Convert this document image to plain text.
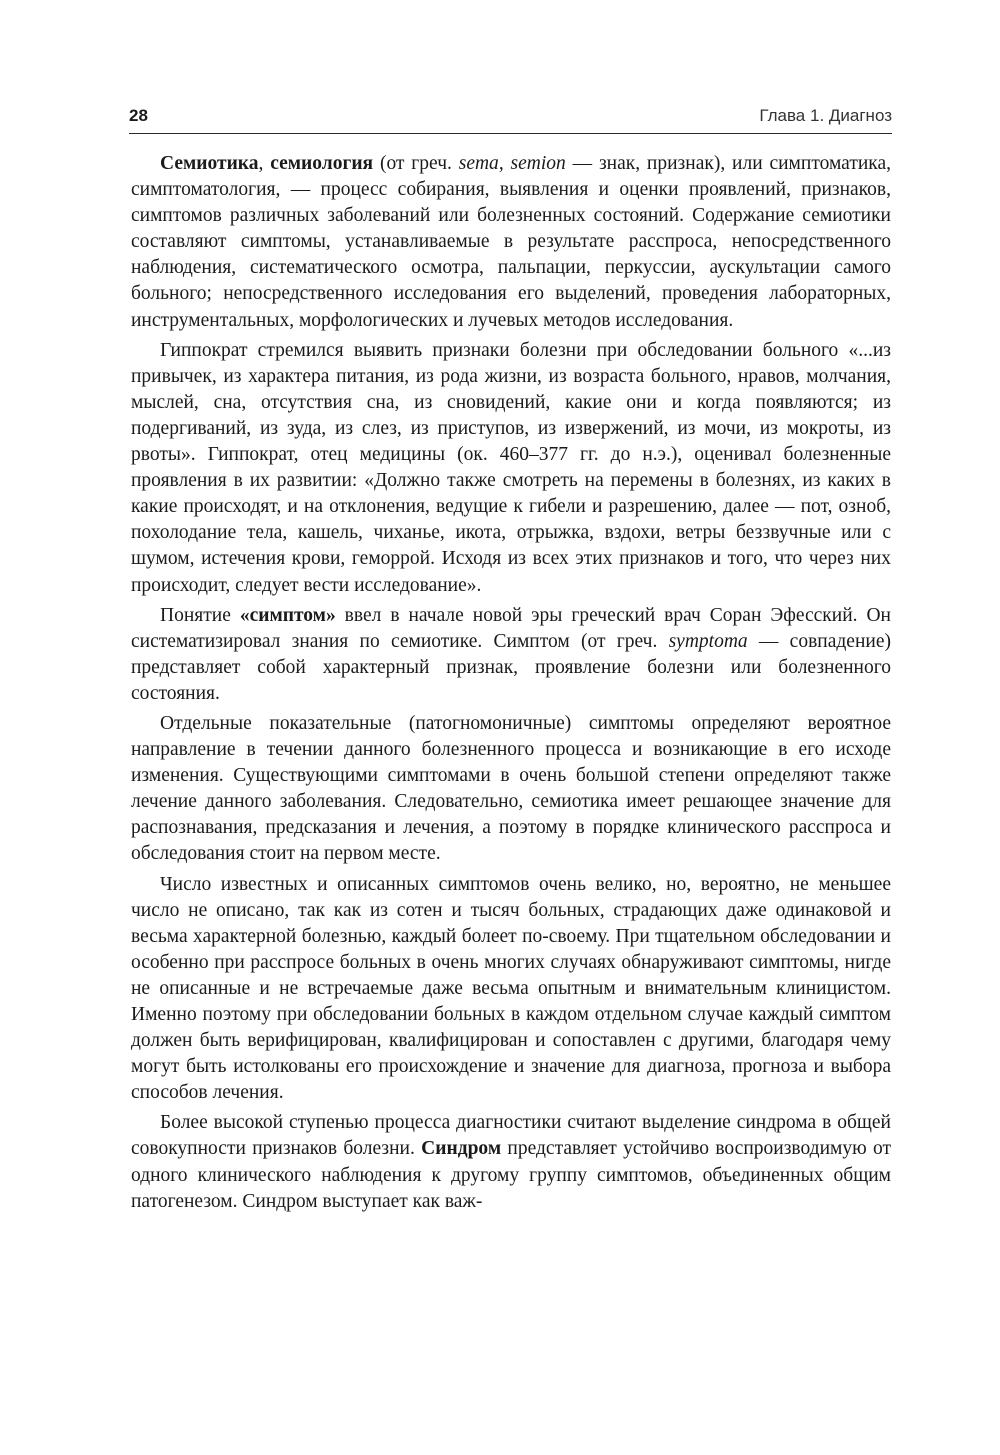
28	Глава 1. Диагноз

Семиотика, семиология (от греч. sema, semion — знак, признак), или симптоматика, симптоматология, — процесс собирания, выявления и оценки проявлений, признаков, симптомов различных заболеваний или болезненных состояний. Содержание семиотики составляют симптомы, устанавливаемые в результате расспроса, непосредственного наблюдения, систематического осмотра, пальпации, перкуссии, аускультации самого больного; непосредственного исследования его выделений, проведения лабораторных, инструментальных, морфологических и лучевых методов исследования.

Гиппократ стремился выявить признаки болезни при обследовании больного «...из привычек, из характера питания, из рода жизни, из возраста больного, нравов, молчания, мыслей, сна, отсутствия сна, из сновидений, какие они и когда появляются; из подергиваний, из зуда, из слез, из приступов, из извержений, из мочи, из мокроты, из рвоты». Гиппократ, отец медицины (ок. 460–377 гг. до н.э.), оценивал болезненные проявления в их развитии: «Должно также смотреть на перемены в болезнях, из каких в какие происходят, и на отклонения, ведущие к гибели и разрешению, далее — пот, озноб, похолодание тела, кашель, чиханье, икота, отрыжка, вздохи, ветры беззвучные или с шумом, истечения крови, геморрой. Исходя из всех этих признаков и того, что через них происходит, следует вести исследование».

Понятие «симптом» ввел в начале новой эры греческий врач Соран Эфесский. Он систематизировал знания по семиотике. Симптом (от греч. symptoma — совпадение) представляет собой характерный признак, проявление болезни или болезненного состояния.

Отдельные показательные (патогномоничные) симптомы определяют вероятное направление в течении данного болезненного процесса и возникающие в его исходе изменения. Существующими симптомами в очень большой степени определяют также лечение данного заболевания. Следовательно, семиотика имеет решающее значение для распознавания, предсказания и лечения, а поэтому в порядке клинического расспроса и обследования стоит на первом месте.

Число известных и описанных симптомов очень велико, но, вероятно, не меньшее число не описано, так как из сотен и тысяч больных, страдающих даже одинаковой и весьма характерной болезнью, каждый болеет по-своему. При тщательном обследовании и особенно при расспросе больных в очень многих случаях обнаруживают симптомы, нигде не описанные и не встречаемые даже весьма опытным и внимательным клиницистом. Именно поэтому при обследовании больных в каждом отдельном случае каждый симптом должен быть верифицирован, квалифицирован и сопоставлен с другими, благодаря чему могут быть истолкованы его происхождение и значение для диагноза, прогноза и выбора способов лечения.

Более высокой ступенью процесса диагностики считают выделение синдрома в общей совокупности признаков болезни. Синдром представляет устойчиво воспроизводимую от одного клинического наблюдения к другому группу симптомов, объединенных общим патогенезом. Синдром выступает как важ-
